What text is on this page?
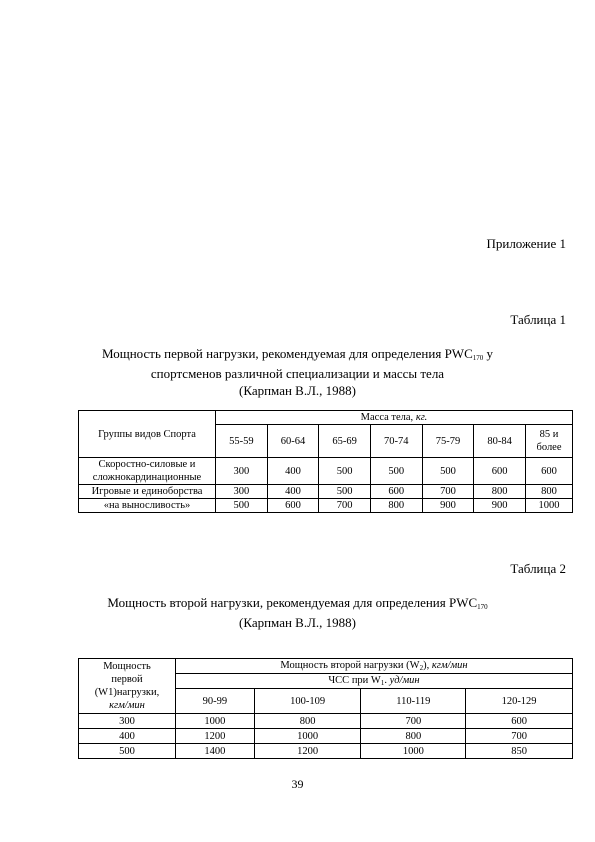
Приложение 1
Таблица 1
Мощность первой нагрузки, рекомендуемая для определения PWC170 у
спортсменов различной специализации и массы тела
(Карпман В.Л., 1988)
Группы видов Спорта	Масса тела, кг.						
	55-59	60-64	65-69	70-74	75-79	80-84	85 и более
Скоростно-силовые и сложнокардинационные	300	400	500	500	500	600	600
Игровые и единоборства	300	400	500	600	700	800	800
«на выносливость»	500	600	700	800	900	900	1000
Таблица 2
Мощность второй нагрузки, рекомендуемая для определения PWC170
(Карпман В.Л., 1988)
Мощность
первой
(W1)нагрузки,
кгм/мин	Мощность второй нагрузки (W2), кгм/мин			
	ЧСС при W1. уд/мин			
	90-99	100-109	110-119	120-129
300	1000	800	700	600
400	1200	1000	800	700
500	1400	1200	1000	850
39
